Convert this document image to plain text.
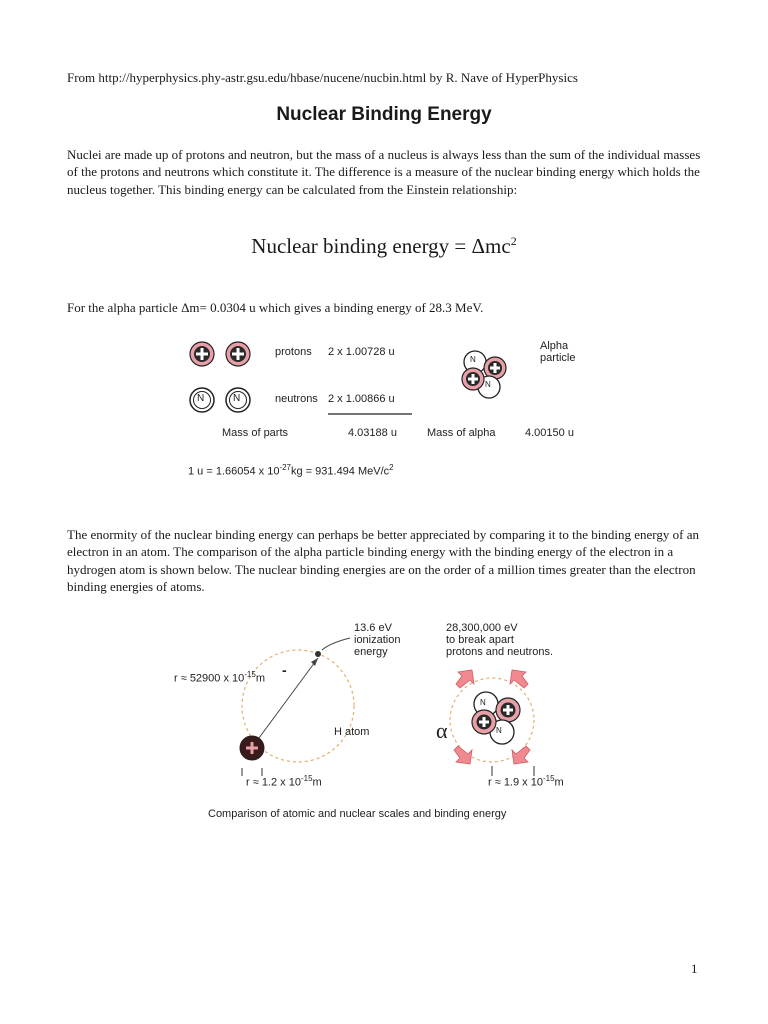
From http://hyperphysics.phy-astr.gsu.edu/hbase/nucene/nucbin.html by R. Nave of HyperPhysics
Nuclear Binding Energy
Nuclei are made up of protons and neutron, but the mass of a nucleus is always less than the sum of the individual masses of the protons and neutrons which constitute it. The difference is a measure of the nuclear binding energy which holds the nucleus together. This binding energy can be calculated from the Einstein relationship:
Nuclear binding energy = Δmc$^2$
For the alpha particle Δm= 0.0304 u which gives a binding energy of 28.3 MeV.
N	N
N
N
protons 2 x 1.00728 u
neutrons 2 x 1.00866 u
Mass of parts	4.03188 u	Mass of alpha	4.00150 u
Alpha
particle
1 u = 1.66054 x $10^{-27}kg = 931.494$ MeV/$c^2$
The enormity of the nuclear binding energy can perhaps be better appreciated by comparing it to the binding energy of an electron in an atom. The comparison of the alpha particle binding energy with the binding energy of the electron in a hydrogen atom is shown below. The nuclear binding energies are on the order of a million times greater than the electron binding energies of atoms.
-
13.6 eV
ionization
energy
28,300,000 eV
to break apart
protons and neutrons.
r ≈ 52900 x $10^{-15}m$
H atom	α
N
N
r ≈ 1.2 x $10^{-15}m$	r ≈ 1.9 x $10^{-15}m$
Comparison of atomic and nuclear scales and binding energy
1
